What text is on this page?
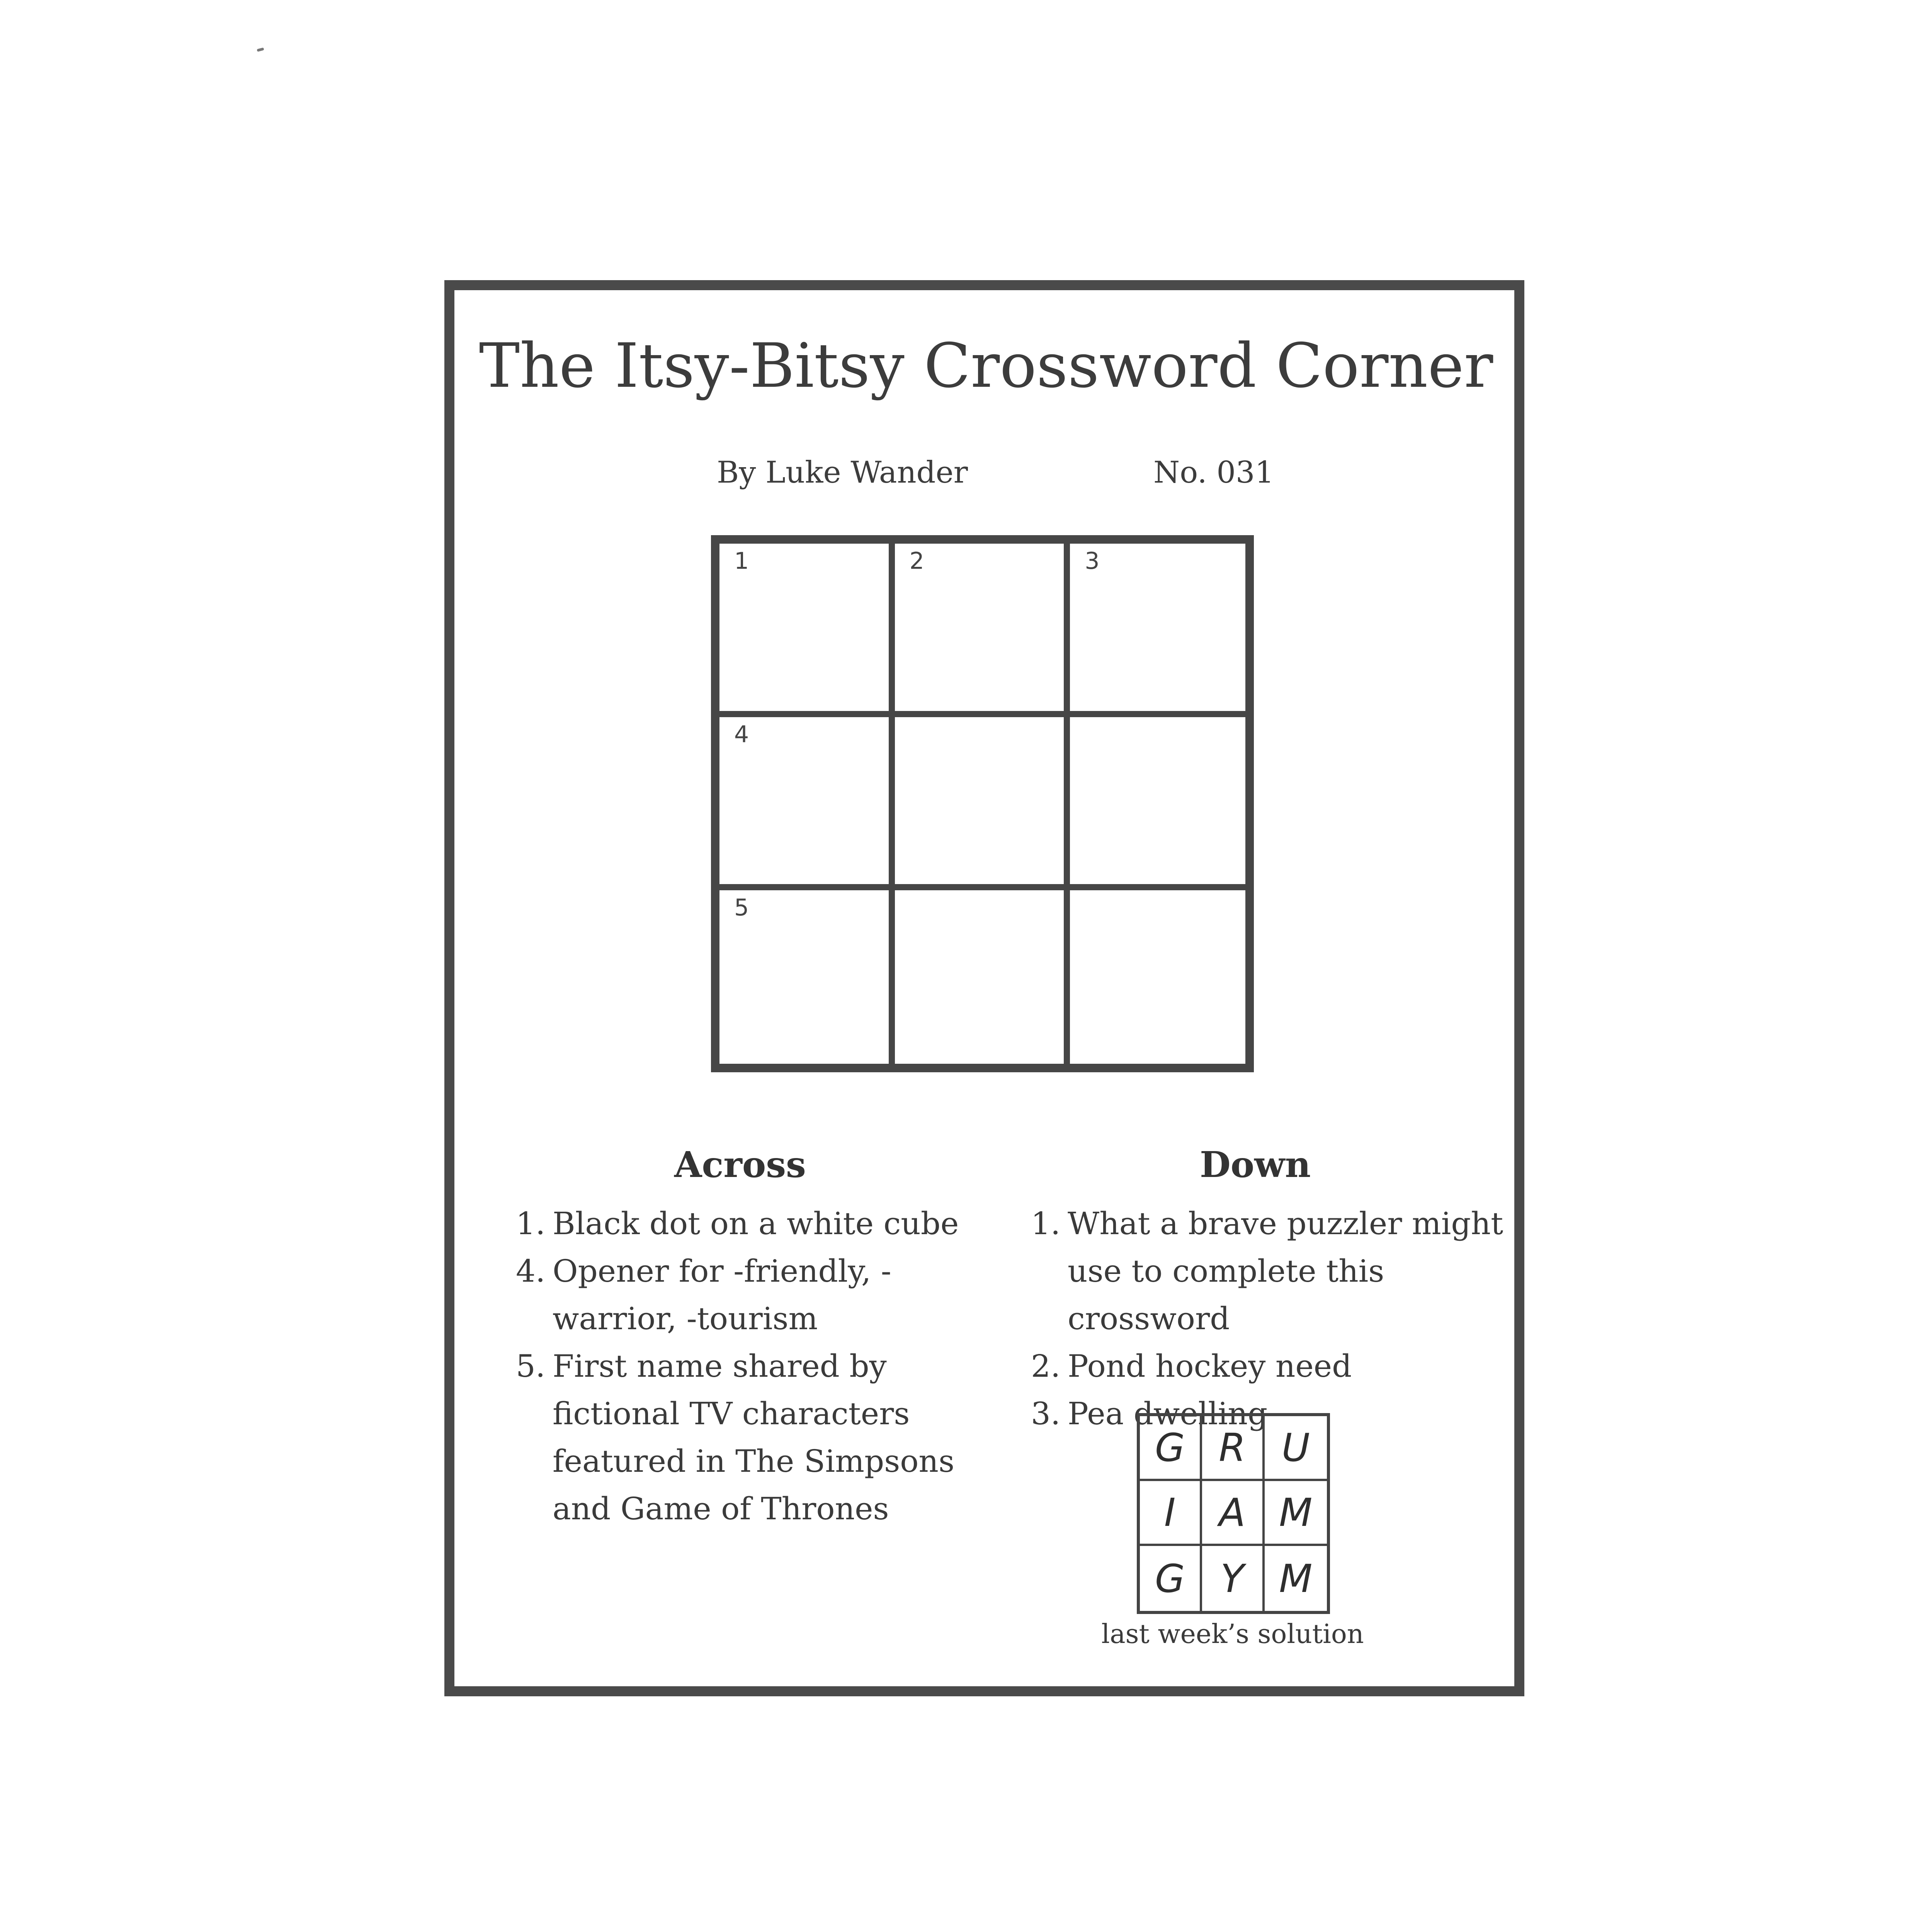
The Itsy-Bitsy Crossword Corner
By Luke Wander	No. 031
1	2	3
4
5
Across
1. Black dot on a white cube
4. Opener for -friendly, -warrior, -tourism
5. First name shared by fictional TV characters featured in The Simpsons and Game of Thrones
Down
1. What a brave puzzler might use to complete this crossword
2. Pond hockey need
3. Pea dwelling
G R U
I	A M
G Y M
last week’s solution
